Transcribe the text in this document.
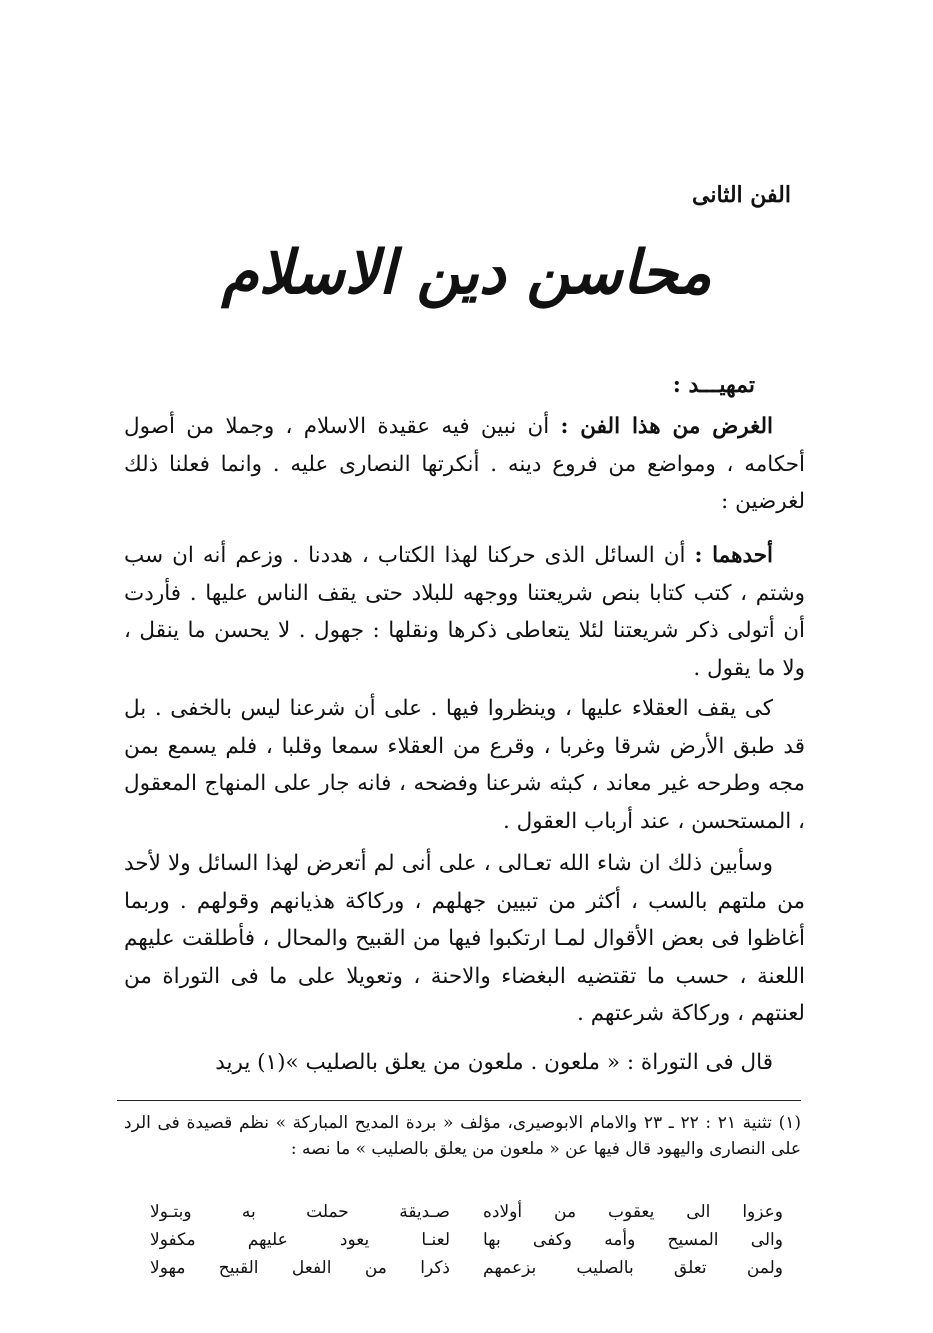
الفن الثانى
محاسن دين الاسلام
تمهيـــد :

الغرض من هذا الفن : أن نبين فيه عقيدة الاسلام ، وجملا من أصول أحكامه ، ومواضع من فروع دينه . أنكرتها النصارى عليه . وانما فعلنا ذلك لغرضين :

أحدهما : أن السائل الذى حركنا لهذا الكتاب ، هددنا . وزعم أنه ان سب وشتم ، كتب كتابا بنص شريعتنا ووجهه للبلاد حتى يقف الناس عليها . فأردت أن أتولى ذكر شريعتنا لئلا يتعاطى ذكرها ونقلها : جهول . لا يحسن ما ينقل ، ولا ما يقول .

كى يقف العقلاء عليها ، وينظروا فيها . على أن شرعنا ليس بالخفى . بل قد طبق الأرض شرقا وغربا ، وقرع من العقلاء سمعا وقلبا ، فلم يسمع بمن مجه وطرحه غير معاند ، كبثه شرعنا وفضحه ، فانه جار على المنهاج المعقول ، المستحسن ، عند أرباب العقول .

وسأبين ذلك ان شاء الله تعـالى ، على أنى لم أتعرض لهذا السائل ولا لأحد من ملتهم بالسب ، أكثر من تبيين جهلهم ، وركاكة هذيانهم وقولهم . وربما أغاظوا فى بعض الأقوال لمـا ارتكبوا فيها من القبيح والمحال ، فأطلقت عليهم اللعنة ، حسب ما تقتضيه البغضاء والاحنة ، وتعويلا على ما فى التوراة من لعنتهم ، وركاكة شرعتهم .

قال فى التوراة : « ملعون . ملعون من يعلق بالصليب »(١) يريد

(١) تثنية ٢١ : ٢٢ ـ ٢٣ والامام الابوصيرى، مؤلف « بردة المديح المباركة » نظم قصيدة فى الرد على النصارى واليهود قال فيها عن « ملعون من يعلق بالصليب » ما نصه :
وعزوا الى يعقوب من أولاده
صـديقة حملت به وبتـولا
والى المسيح وأمه وكفى بها
لعنـا يعود عليهم مكفولا
ولمن تعلق بالصليب بزعمهم
ذكرا من الفعل القبيح مهولا
